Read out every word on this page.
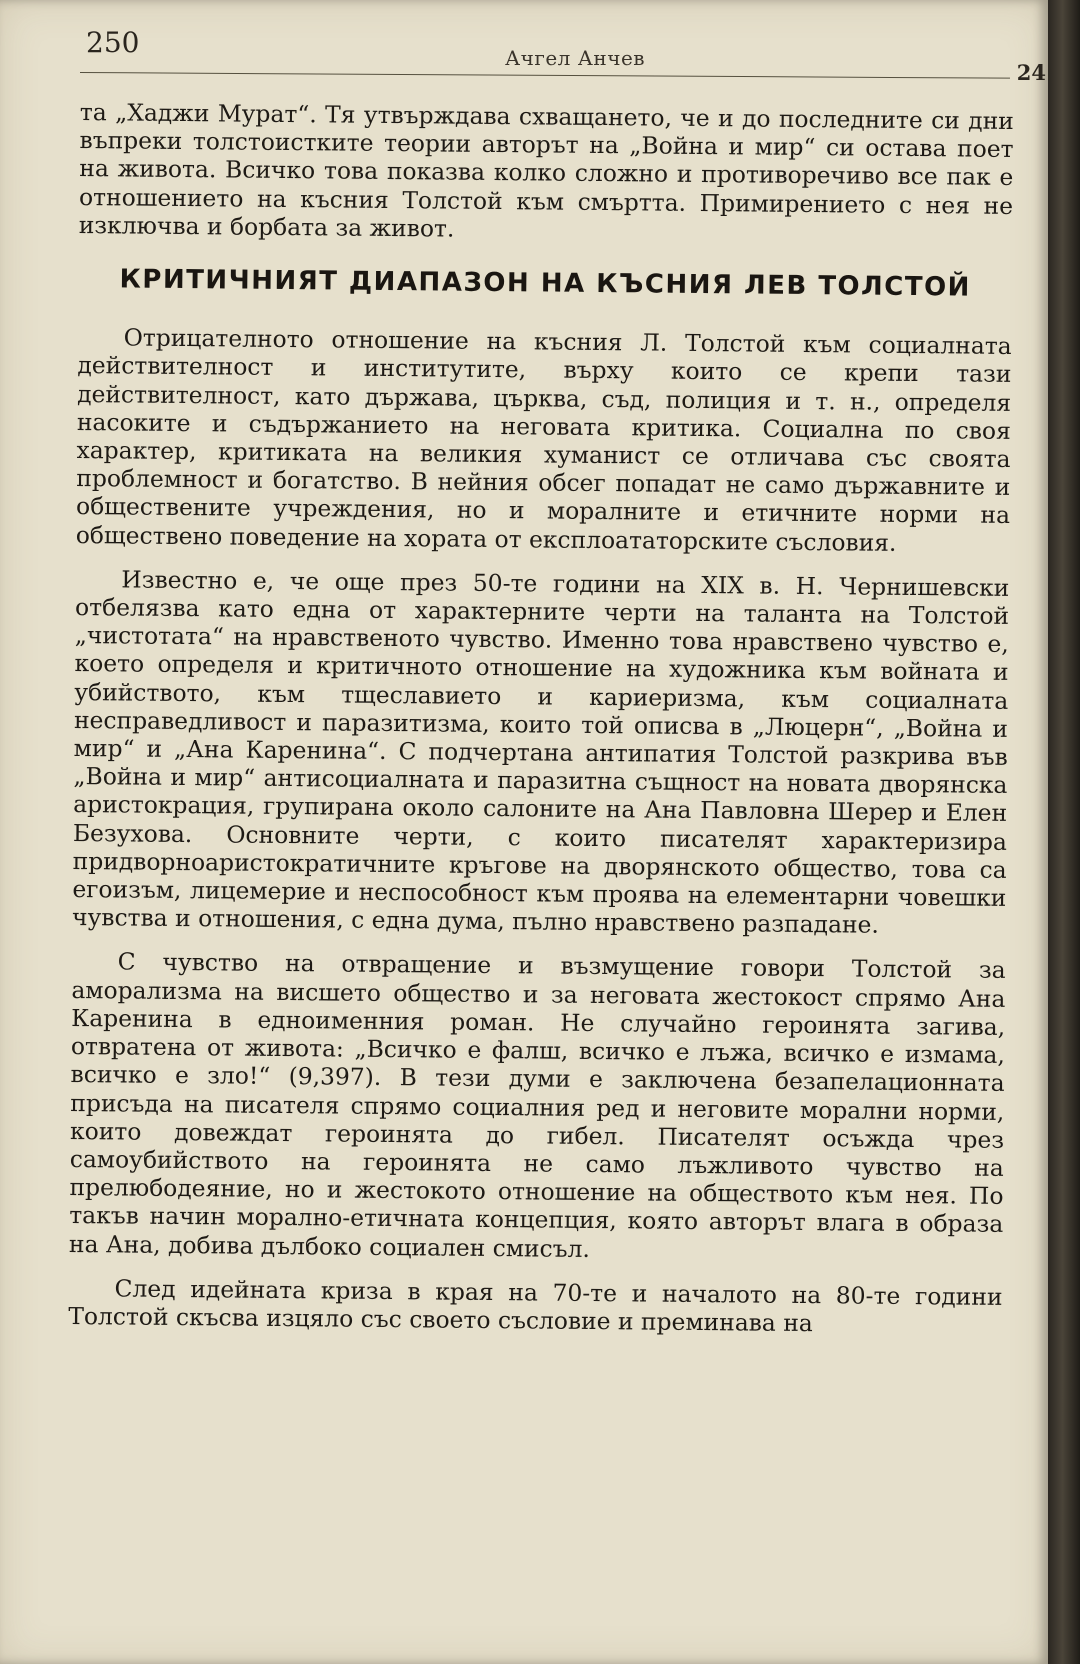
250	Ачгел Анчев
24

та „Хаджи Мурат“. Тя утвърждава схващането, че и до последните си дни въпреки толстоистките теории авторът на „Война и мир“ си остава поет на живота. Всичко това показва колко сложно и противоречиво все пак е отношението на късния Толстой към смъртта. Примирението с нея не изключва и борбата за живот.

КРИТИЧНИЯТ ДИАПАЗОН НА КЪСНИЯ ЛЕВ ТОЛСТОЙ

Отрицателното отношение на късния Л. Толстой към социалната действителност и институтите, върху които се крепи тази действителност, като държава, църква, съд, полиция и т. н., определя насоките и съдържанието на неговата критика. Социална по своя характер, критиката на великия хуманист се отличава със своята проблемност и богатство. В нейния обсег попадат не само държавните и обществените учреждения, но и моралните и етичните норми на обществено поведение на хората от експлоататорските съсловия.

Известно е, че още през 50-те години на XIX в. Н. Чернишевски отбелязва като една от характерните черти на таланта на Толстой „чистотата“ на нравственото чувство. Именно това нравствено чувство е, което определя и критичното отношение на художника към войната и убийството, към тщеславието и кариеризма, към социалната несправедливост и паразитизма, които той описва в „Люцерн“, „Война и мир“ и „Ана Каренина“. С подчертана антипатия Толстой разкрива във „Война и мир“ антисоциалната и паразитна същност на новата дворянска аристокрация, групирана около салоните на Ана Павловна Шерер и Елен Безухова. Основните черти, с които писателят характеризира придворноаристократичните кръгове на дворянското общество, това са егоизъм, лицемерие и неспособност към проява на елементарни човешки чувства и отношения, с една дума, пълно нравствено разпадане.

С чувство на отвращение и възмущение говори Толстой за аморализма на висшето общество и за неговата жестокост спрямо Ана Каренина в едноименния роман. Не случайно героинята загива, отвратена от живота: „Всичко е фалш, всичко е лъжа, всичко е измама, всичко е зло!“ (9,397). В тези думи е заключена безапелационната присъда на писателя спрямо социалния ред и неговите морални норми, които довеждат героинята до гибел. Писателят осъжда чрез самоубийството на героинята не само лъжливото чувство на прелюбодеяние, но и жестокото отношение на обществото към нея. По такъв начин морално-етичната концепция, която авторът влага в образа на Ана, добива дълбоко социален смисъл.

След идейната криза в края на 70-те и началото на 80-те години Толстой скъсва изцяло със своето съсловие и преминава на
